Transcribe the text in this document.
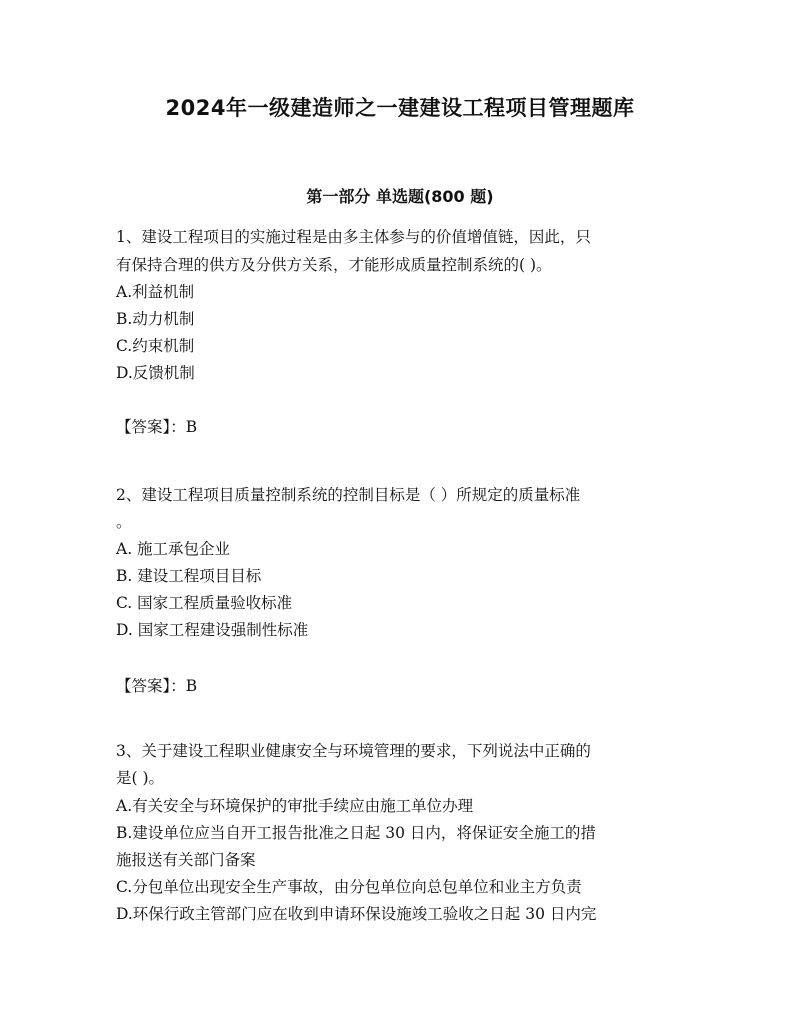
2024年一级建造师之一建建设工程项目管理题库
第一部分 单选题(800 题)
1、建设工程项目的实施过程是由多主体参与的价值增值链，因此，只
有保持合理的供方及分供方关系，才能形成质量控制系统的( )。
A.利益机制
B.动力机制
C.约束机制
D.反馈机制
【答案】：B
2、建设工程项目质量控制系统的控制目标是（ ）所规定的质量标准
。
A. 施工承包企业
B. 建设工程项目目标
C. 国家工程质量验收标准
D. 国家工程建设强制性标准
【答案】：B
3、关于建设工程职业健康安全与环境管理的要求，下列说法中正确的
是( )。
A.有关安全与环境保护的审批手续应由施工单位办理
B.建设单位应当自开工报告批准之日起 30 日内，将保证安全施工的措
施报送有关部门备案
C.分包单位出现安全生产事故，由分包单位向总包单位和业主方负责
D.环保行政主管部门应在收到申请环保设施竣工验收之日起 30 日内完
